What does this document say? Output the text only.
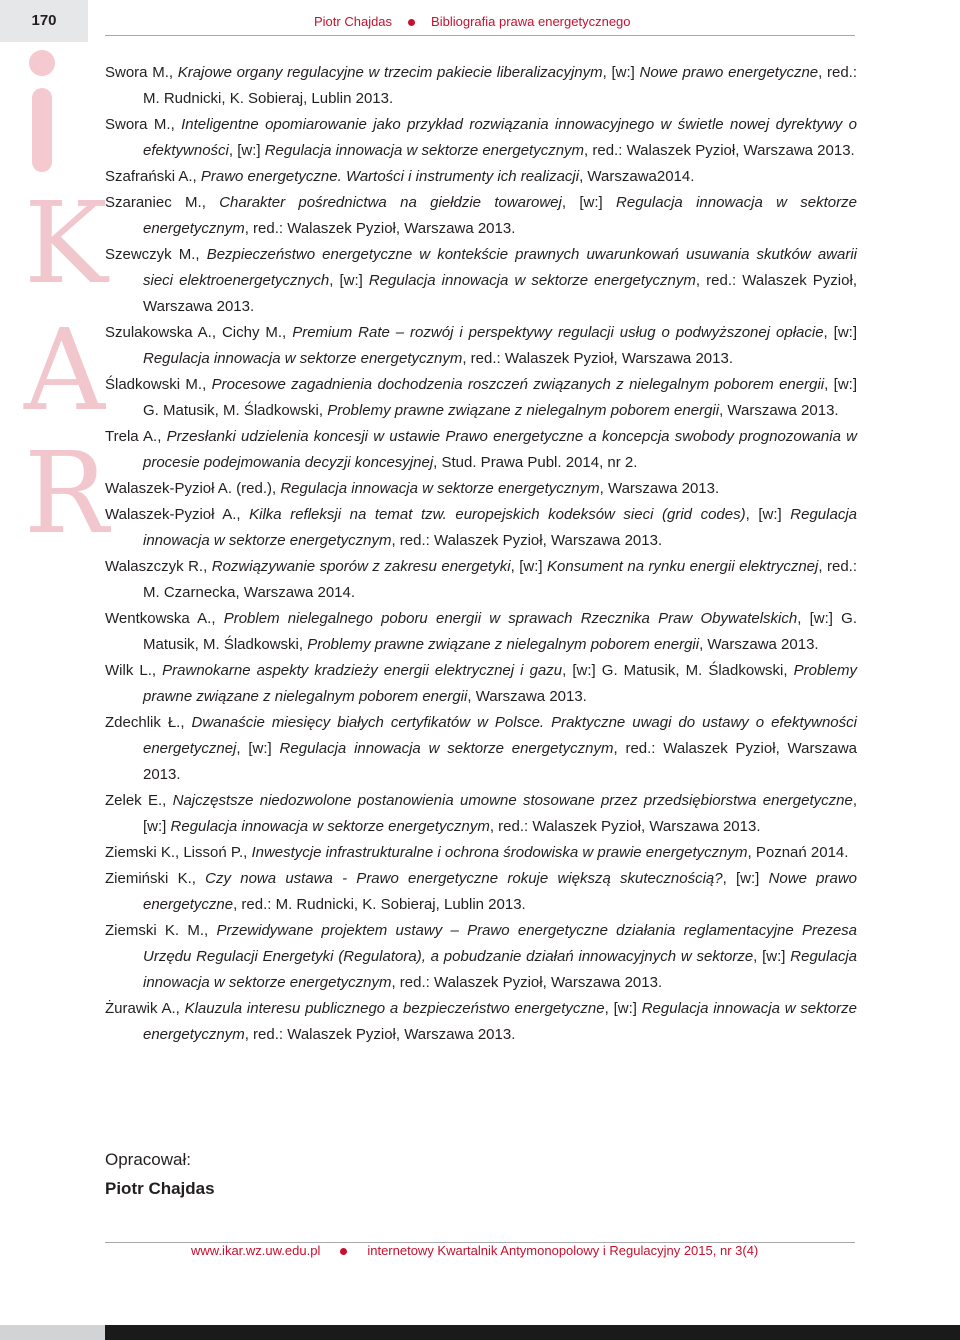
170	Piotr Chajdas	Bibliografia prawa energetycznego
K
A
R
Swora M., Krajowe organy regulacyjne w trzecim pakiecie liberalizacyjnym, [w:] Nowe prawo energetyczne, red.: M. Rudnicki, K. Sobieraj, Lublin 2013.
Swora M., Inteligentne opomiarowanie jako przykład rozwiązania innowacyjnego w świetle nowej dyrektywy o efektywności, [w:] Regulacja innowacja w sektorze energetycznym, red.: Walaszek Pyzioł, Warszawa 2013.
Szafrański A., Prawo energetyczne. Wartości i instrumenty ich realizacji, Warszawa2014.
Szaraniec M., Charakter pośrednictwa na giełdzie towarowej, [w:] Regulacja innowacja w sektorze energetycznym, red.: Walaszek Pyzioł, Warszawa 2013.
Szewczyk M., Bezpieczeństwo energetyczne w kontekście prawnych uwarunkowań usuwania skutków awarii sieci elektroenergetycznych, [w:] Regulacja innowacja w sektorze energetycznym, red.: Walaszek Pyzioł, Warszawa 2013.
Szulakowska A., Cichy M., Premium Rate – rozwój i perspektywy regulacji usług o podwyższonej opłacie, [w:] Regulacja innowacja w sektorze energetycznym, red.: Walaszek Pyzioł, Warszawa 2013.
Śladkowski M., Procesowe zagadnienia dochodzenia roszczeń związanych z nielegalnym poborem energii, [w:] G. Matusik, M. Śladkowski, Problemy prawne związane z nielegalnym poborem energii, Warszawa 2013.
Trela A., Przesłanki udzielenia koncesji w ustawie Prawo energetyczne a koncepcja swobody prognozowania w procesie podejmowania decyzji koncesyjnej, Stud. Prawa Publ. 2014, nr 2.
Walaszek-Pyzioł A. (red.), Regulacja innowacja w sektorze energetycznym, Warszawa 2013.
Walaszek-Pyzioł A., Kilka refleksji na temat tzw. europejskich kodeksów sieci (grid codes), [w:] Regulacja innowacja w sektorze energetycznym, red.: Walaszek Pyzioł, Warszawa 2013.
Walaszczyk R., Rozwiązywanie sporów z zakresu energetyki, [w:] Konsument na rynku energii elektrycznej, red.: M. Czarnecka, Warszawa 2014.
Wentkowska A., Problem nielegalnego poboru energii w sprawach Rzecznika Praw Obywatelskich, [w:] G. Matusik, M. Śladkowski, Problemy prawne związane z nielegalnym poborem energii, Warszawa 2013.
Wilk L., Prawnokarne aspekty kradzieży energii elektrycznej i gazu, [w:] G. Matusik, M. Śladkowski, Problemy prawne związane z nielegalnym poborem energii, Warszawa 2013.
Zdechlik Ł., Dwanaście miesięcy białych certyfikatów w Polsce. Praktyczne uwagi do ustawy o efektywności energetycznej, [w:] Regulacja innowacja w sektorze energetycznym, red.: Walaszek Pyzioł, Warszawa 2013.
Zelek E., Najczęstsze niedozwolone postanowienia umowne stosowane przez przedsiębiorstwa energetyczne, [w:] Regulacja innowacja w sektorze energetycznym, red.: Walaszek Pyzioł, Warszawa 2013.
Ziemski K., Lissoń P., Inwestycje infrastrukturalne i ochrona środowiska w prawie energetycznym, Poznań 2014.
Ziemiński K., Czy nowa ustawa - Prawo energetyczne rokuje większą skutecznością?, [w:] Nowe prawo energetyczne, red.: M. Rudnicki, K. Sobieraj, Lublin 2013.
Ziemski K. M., Przewidywane projektem ustawy – Prawo energetyczne działania reglamentacyjne Prezesa Urzędu Regulacji Energetyki (Regulatora), a pobudzanie działań innowacyjnych w sektorze, [w:] Regulacja innowacja w sektorze energetycznym, red.: Walaszek Pyzioł, Warszawa 2013.
Żurawik A., Klauzula interesu publicznego a bezpieczeństwo energetyczne, [w:] Regulacja innowacja w sektorze energetycznym, red.: Walaszek Pyzioł, Warszawa 2013.
Opracował:
Piotr Chajdas
www.ikar.wz.uw.edu.pl	internetowy Kwartalnik Antymonopolowy i Regulacyjny 2015, nr 3(4)
